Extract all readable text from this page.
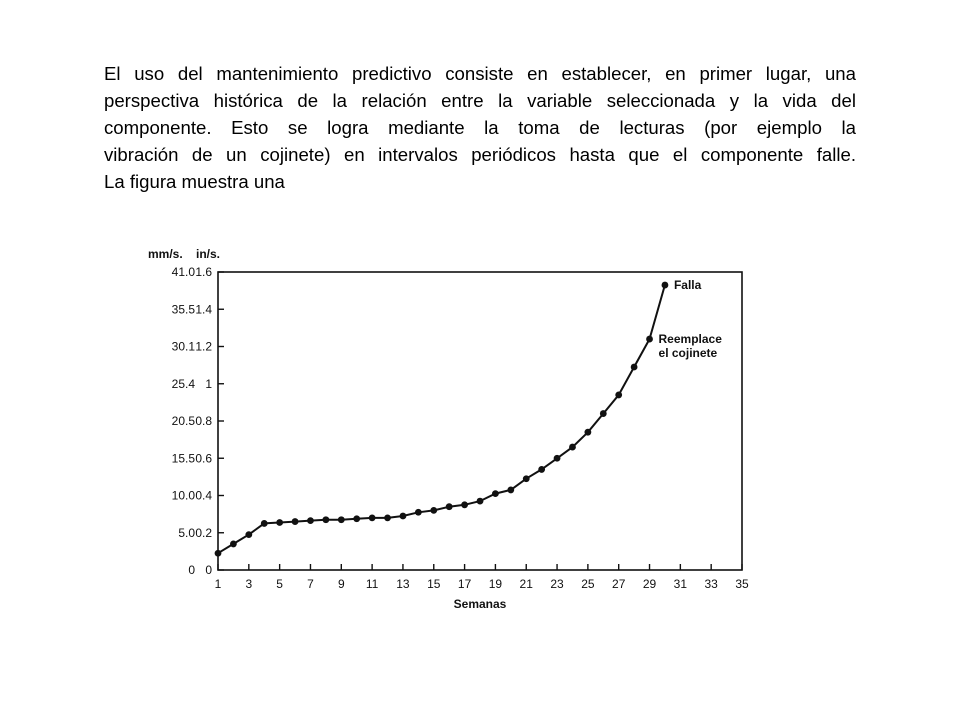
El uso del mantenimiento predictivo consiste en establecer, en primer lugar, una
perspectiva histórica de la relación entre la variable seleccionada y la vida del
componente. Esto se logra mediante la toma de lecturas (por ejemplo la
vibración de un cojinete) en intervalos periódicos hasta que el componente falle.
La figura muestra una

mm/s. in/s.
Semanas
0 0
5.0 0.2
10.0 0.4
15.5 0.6
20.5 0.8
25.4 1
30.1 1.2
35.5 1.4
41.0 1.6
1 3 5 7 9 11 13 15 17 19 21 23 25 27 29 31 33 35
Falla
Reemplace
el cojinete
